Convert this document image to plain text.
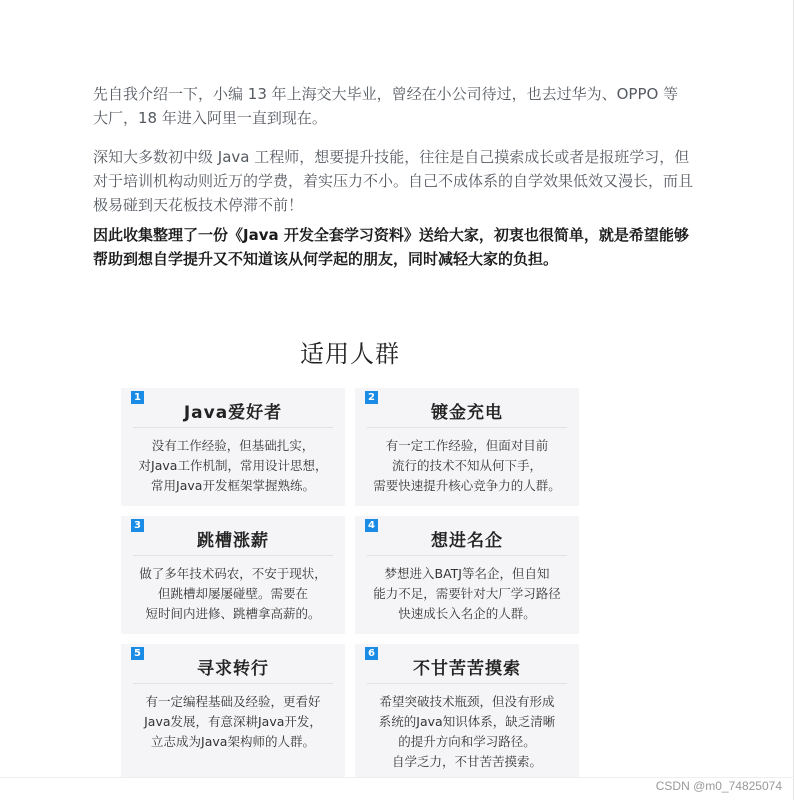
先自我介绍一下，小编 13 年上海交大毕业，曾经在小公司待过，也去过华为、OPPO 等大厂，18 年进入阿里一直到现在。

深知大多数初中级 Java 工程师，想要提升技能，往往是自己摸索成长或者是报班学习，但对于培训机构动则近万的学费，着实压力不小。自己不成体系的自学效果低效又漫长，而且极易碰到天花板技术停滞不前！

因此收集整理了一份《Java 开发全套学习资料》送给大家，初衷也很简单，就是希望能够帮助到想自学提升又不知道该从何学起的朋友，同时减轻大家的负担。

适用人群
1
Java爱好者
没有工作经验，但基础扎实，
对Java工作机制，常用设计思想，
常用Java开发框架掌握熟练。
2
镀金充电
有一定工作经验，但面对目前
流行的技术不知从何下手，
需要快速提升核心竞争力的人群。
3
跳槽涨薪
做了多年技术码农，不安于现状，
但跳槽却屡屡碰壁。需要在
短时间内进修、跳槽拿高薪的。
4
想进名企
梦想进入BATJ等名企，但自知
能力不足，需要针对大厂学习路径
快速成长入名企的人群。
5
寻求转行
有一定编程基础及经验，更看好
Java发展，有意深耕Java开发，
立志成为Java架构师的人群。
6
不甘苦苦摸索
希望突破技术瓶颈，但没有形成
系统的Java知识体系，缺乏清晰
的提升方向和学习路径。
自学乏力，不甘苦苦摸索。
CSDN @m0_74825074
